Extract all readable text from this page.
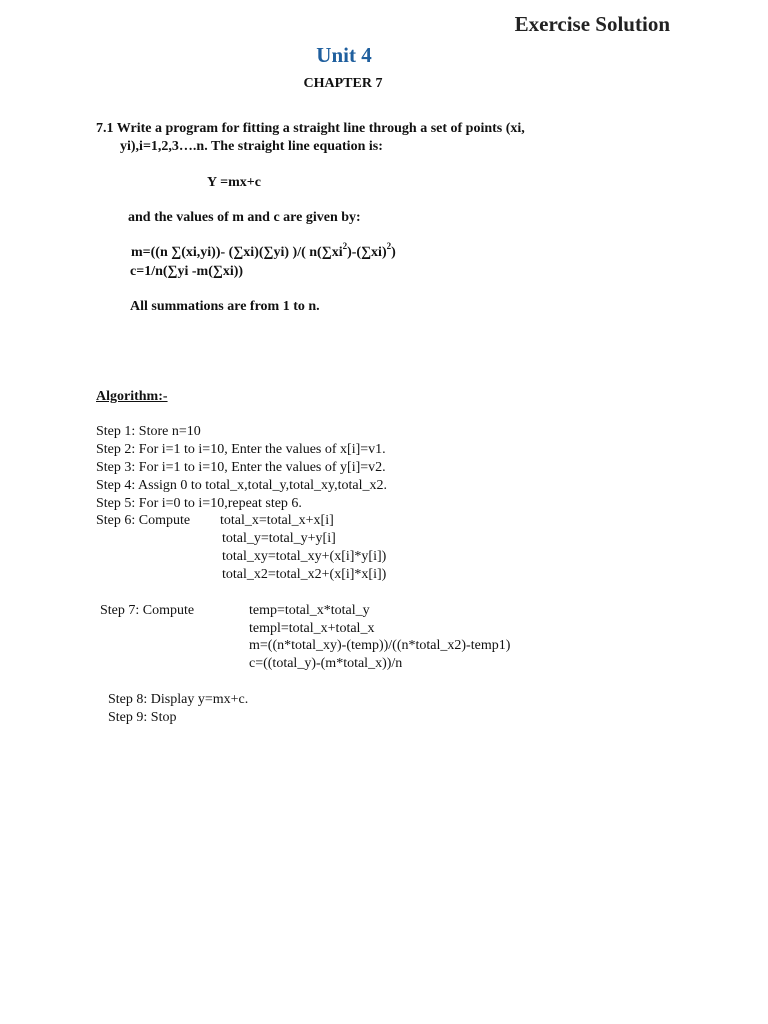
Exercise Solution
Unit 4
CHAPTER 7
7.1 Write a program for fitting a straight line through a set of points (xi,
yi),i=1,2,3….n. The straight line equation is:
Y =mx+c
and the values of m and c are given by:
m=((n ∑(xi,yi))- (∑xi)(∑yi) )/( $n(\sum xi^2)-(\sum xi)^2$)
c=1/n(∑yi -m(∑xi))
All summations are from 1 to n.
Algorithm:-
Step 1: Store n=10
Step 2: For i=1 to i=10, Enter the values of x[i]=v1.
Step 3: For i=1 to i=10, Enter the values of y[i]=v2.
Step 4: Assign 0 to total_x,total_y,total_xy,total_x2.
Step 5: For i=0 to i=10,repeat step 6.
Step 6: Compute total_x=total_x+x[i]
total_y=total_y+y[i]
total_xy=total_xy+(x[i]*y[i])
total_x2=total_x2+(x[i]*x[i])
Step 7: Compute	temp=total_x*total_y
templ=total_x+total_x
m=((n*total_xy)-(temp))/((n*total_x2)-temp1)
c=((total_y)-(m*total_x))/n
Step 8: Display y=mx+c.
Step 9: Stop
